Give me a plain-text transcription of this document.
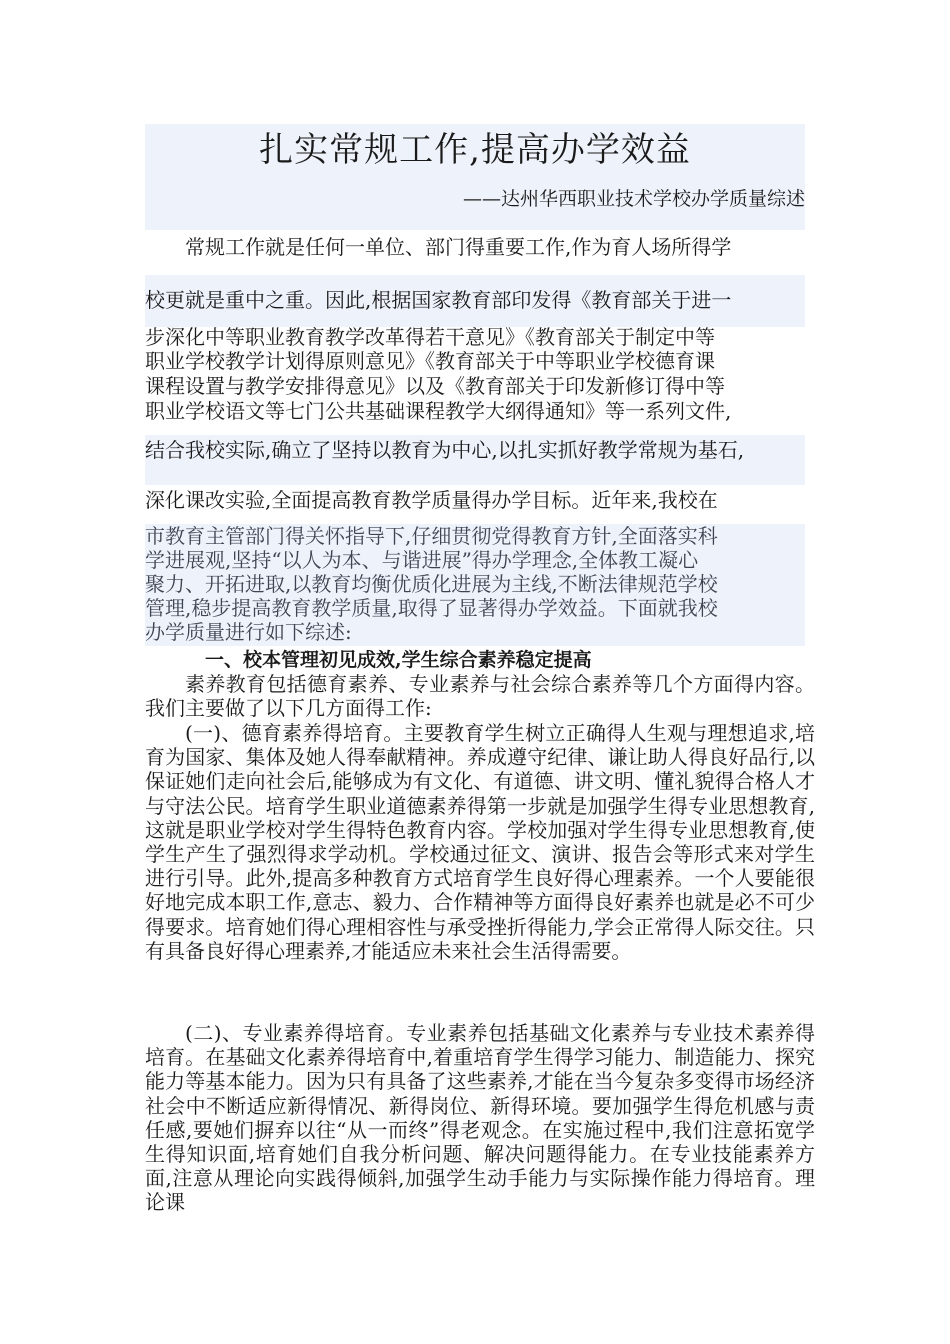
扎实常规工作,提高办学效益
——达州华西职业技术学校办学质量综述
常规工作就是任何一单位、部门得重要工作,作为育人场所得学
校更就是重中之重。因此,根据国家教育部印发得《教育部关于进一
步深化中等职业教育教学改革得若干意见》《教育部关于制定中等
职业学校教学计划得原则意见》《教育部关于中等职业学校德育课
课程设置与教学安排得意见》以及《教育部关于印发新修订得中等
职业学校语文等七门公共基础课程教学大纲得通知》等一系列文件,
结合我校实际,确立了坚持以教育为中心,以扎实抓好教学常规为基石,
深化课改实验,全面提高教育教学质量得办学目标。近年来,我校在
市教育主管部门得关怀指导下,仔细贯彻党得教育方针,全面落实科
学进展观,坚持“以人为本、与谐进展”得办学理念,全体教工凝心
聚力、开拓进取,以教育均衡优质化进展为主线,不断法律规范学校
管理,稳步提高教育教学质量,取得了显著得办学效益。下面就我校
办学质量进行如下综述:
一、校本管理初见成效,学生综合素养稳定提高
素养教育包括德育素养、专业素养与社会综合素养等几个方面得内容。我们主要做了以下几方面得工作:
(一)、德育素养得培育。主要教育学生树立正确得人生观与理想追求,培育为国家、集体及她人得奉献精神。养成遵守纪律、谦让助人得良好品行,以保证她们走向社会后,能够成为有文化、有道德、讲文明、懂礼貌得合格人才与守法公民。培育学生职业道德素养得第一步就是加强学生得专业思想教育,这就是职业学校对学生得特色教育内容。学校加强对学生得专业思想教育,使学生产生了强烈得求学动机。学校通过征文、演讲、报告会等形式来对学生进行引导。此外,提高多种教育方式培育学生良好得心理素养。一个人要能很好地完成本职工作,意志、毅力、合作精神等方面得良好素养也就是必不可少得要求。培育她们得心理相容性与承受挫折得能力,学会正常得人际交往。只有具备良好得心理素养,才能适应未来社会生活得需要。
(二)、专业素养得培育。专业素养包括基础文化素养与专业技术素养得培育。在基础文化素养得培育中,着重培育学生得学习能力、制造能力、探究能力等基本能力。因为只有具备了这些素养,才能在当今复杂多变得市场经济社会中不断适应新得情况、新得岗位、新得环境。要加强学生得危机感与责任感,要她们摒弃以往“从一而终”得老观念。在实施过程中,我们注意拓宽学生得知识面,培育她们自我分析问题、解决问题得能力。在专业技能素养方面,注意从理论向实践得倾斜,加强学生动手能力与实际操作能力得培育。理论课
